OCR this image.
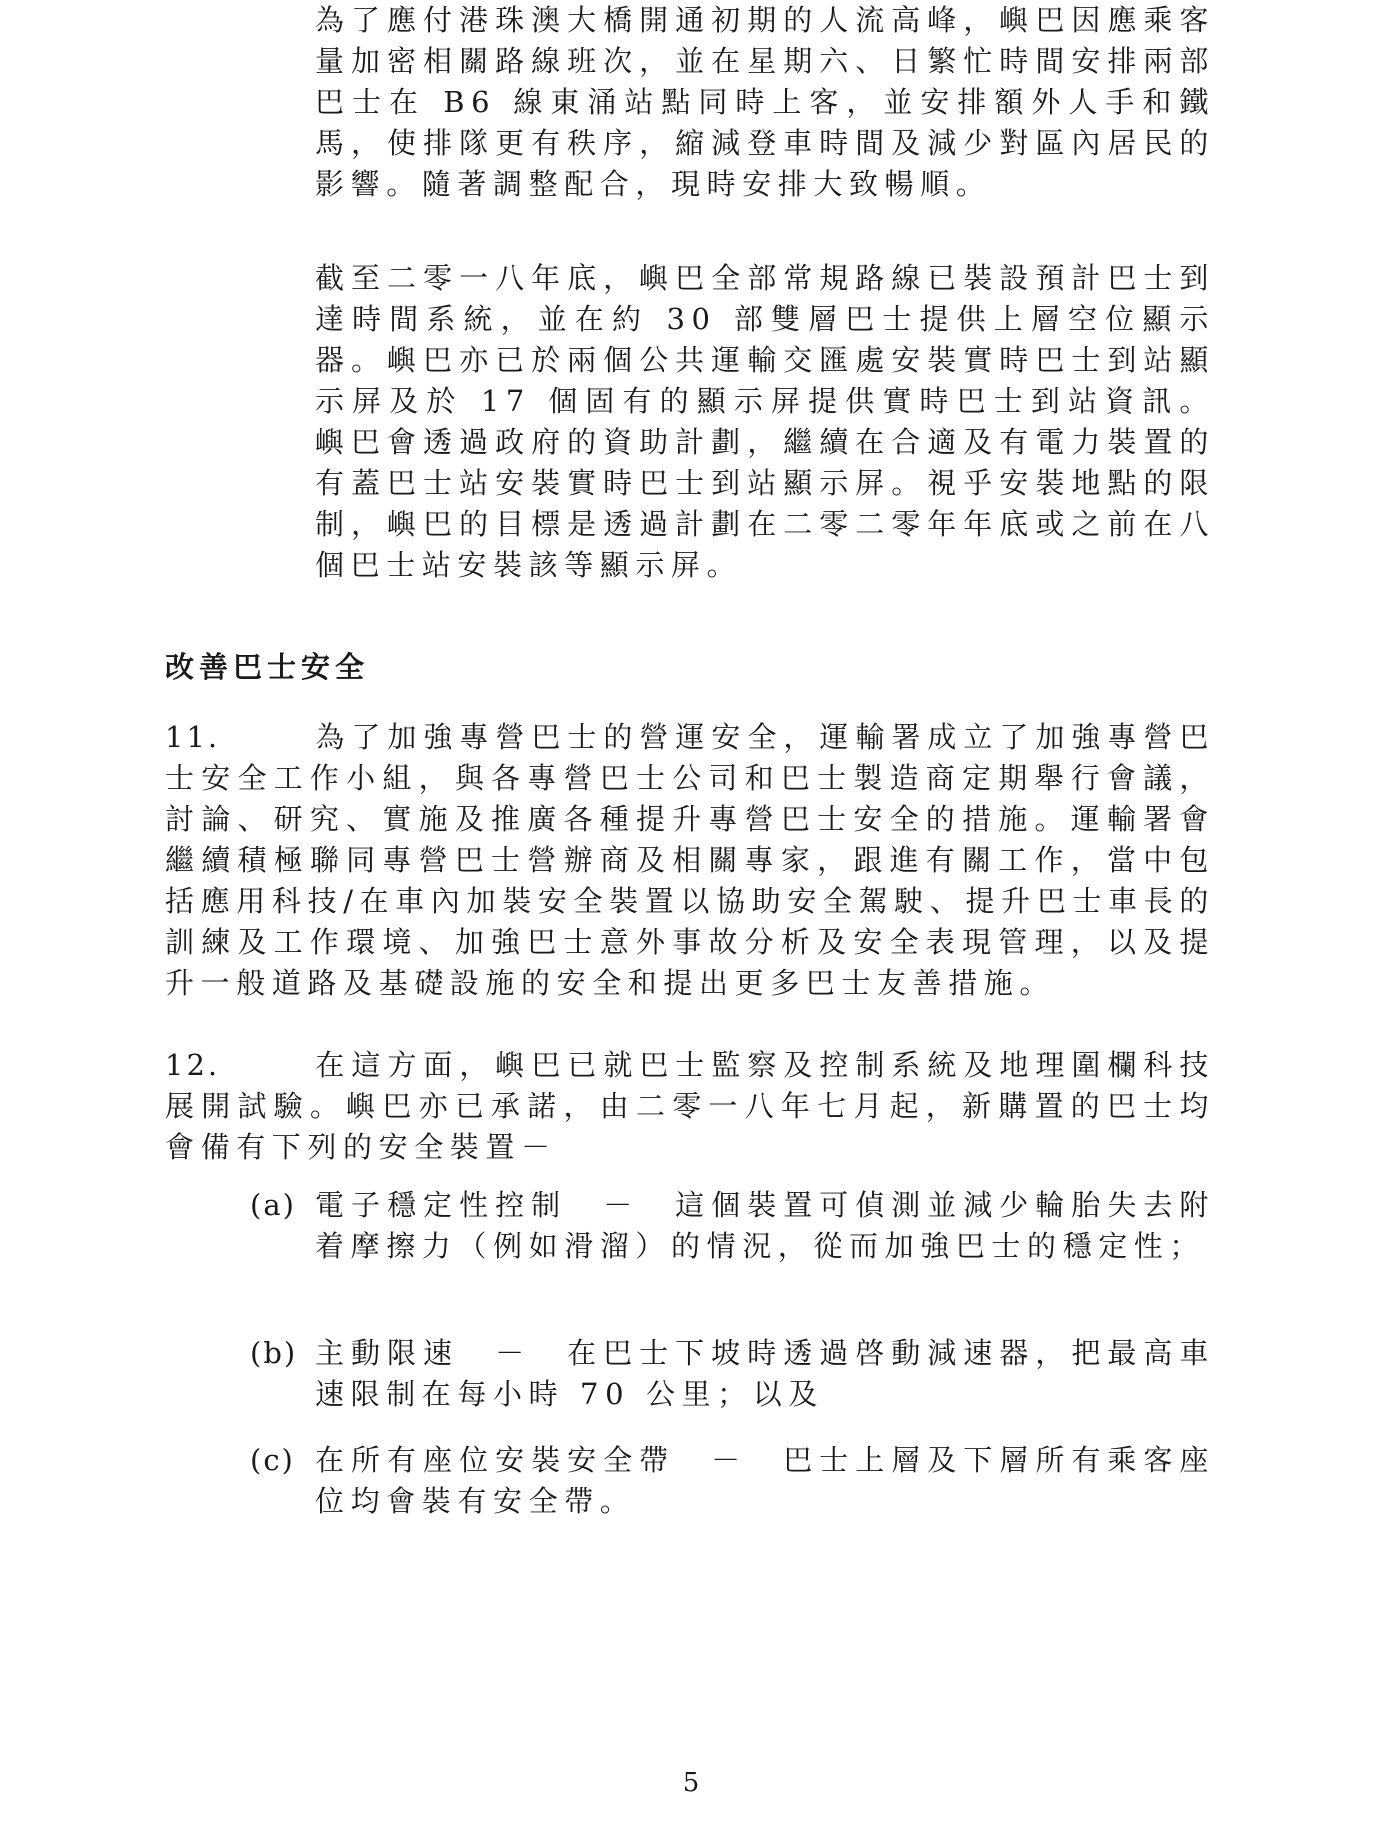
為了應付港珠澳大橋開通初期的人流高峰，嶼巴因應乘客量加密相關路線班次，並在星期六、日繁忙時間安排兩部巴士在 B6 線東涌站點同時上客，並安排額外人手和鐵馬，使排隊更有秩序，縮減登車時間及減少對區內居民的影響。隨著調整配合，現時安排大致暢順。

截至二零一八年底，嶼巴全部常規路線已裝設預計巴士到達時間系統，並在約 30 部雙層巴士提供上層空位顯示器。嶼巴亦已於兩個公共運輸交匯處安裝實時巴士到站顯示屏及於 17 個固有的顯示屏提供實時巴士到站資訊。嶼巴會透過政府的資助計劃，繼續在合適及有電力裝置的有蓋巴士站安裝實時巴士到站顯示屏。視乎安裝地點的限制，嶼巴的目標是透過計劃在二零二零年年底或之前在八個巴士站安裝該等顯示屏。

改善巴士安全

11.	為了加強專營巴士的營運安全，運輸署成立了加強專營巴士安全工作小組，與各專營巴士公司和巴士製造商定期舉行會議，討論、研究、實施及推廣各種提升專營巴士安全的措施。運輸署會繼續積極聯同專營巴士營辦商及相關專家，跟進有關工作，當中包括應用科技/在車內加裝安全裝置以協助安全駕駛、提升巴士車長的訓練及工作環境、加強巴士意外事故分析及安全表現管理，以及提升一般道路及基礎設施的安全和提出更多巴士友善措施。

12.	在這方面，嶼巴已就巴士監察及控制系統及地理圍欄科技展開試驗。嶼巴亦已承諾，由二零一八年七月起，新購置的巴士均會備有下列的安全裝置－

(a) 電子穩定性控制　－　這個裝置可偵測並減少輪胎失去附着摩擦力（例如滑溜）的情況，從而加強巴士的穩定性；
(b) 主動限速　－　在巴士下坡時透過啓動減速器，把最高車速限制在每小時 70 公里；以及
(c) 在所有座位安裝安全帶　－　巴士上層及下層所有乘客座位均會裝有安全帶。

5
